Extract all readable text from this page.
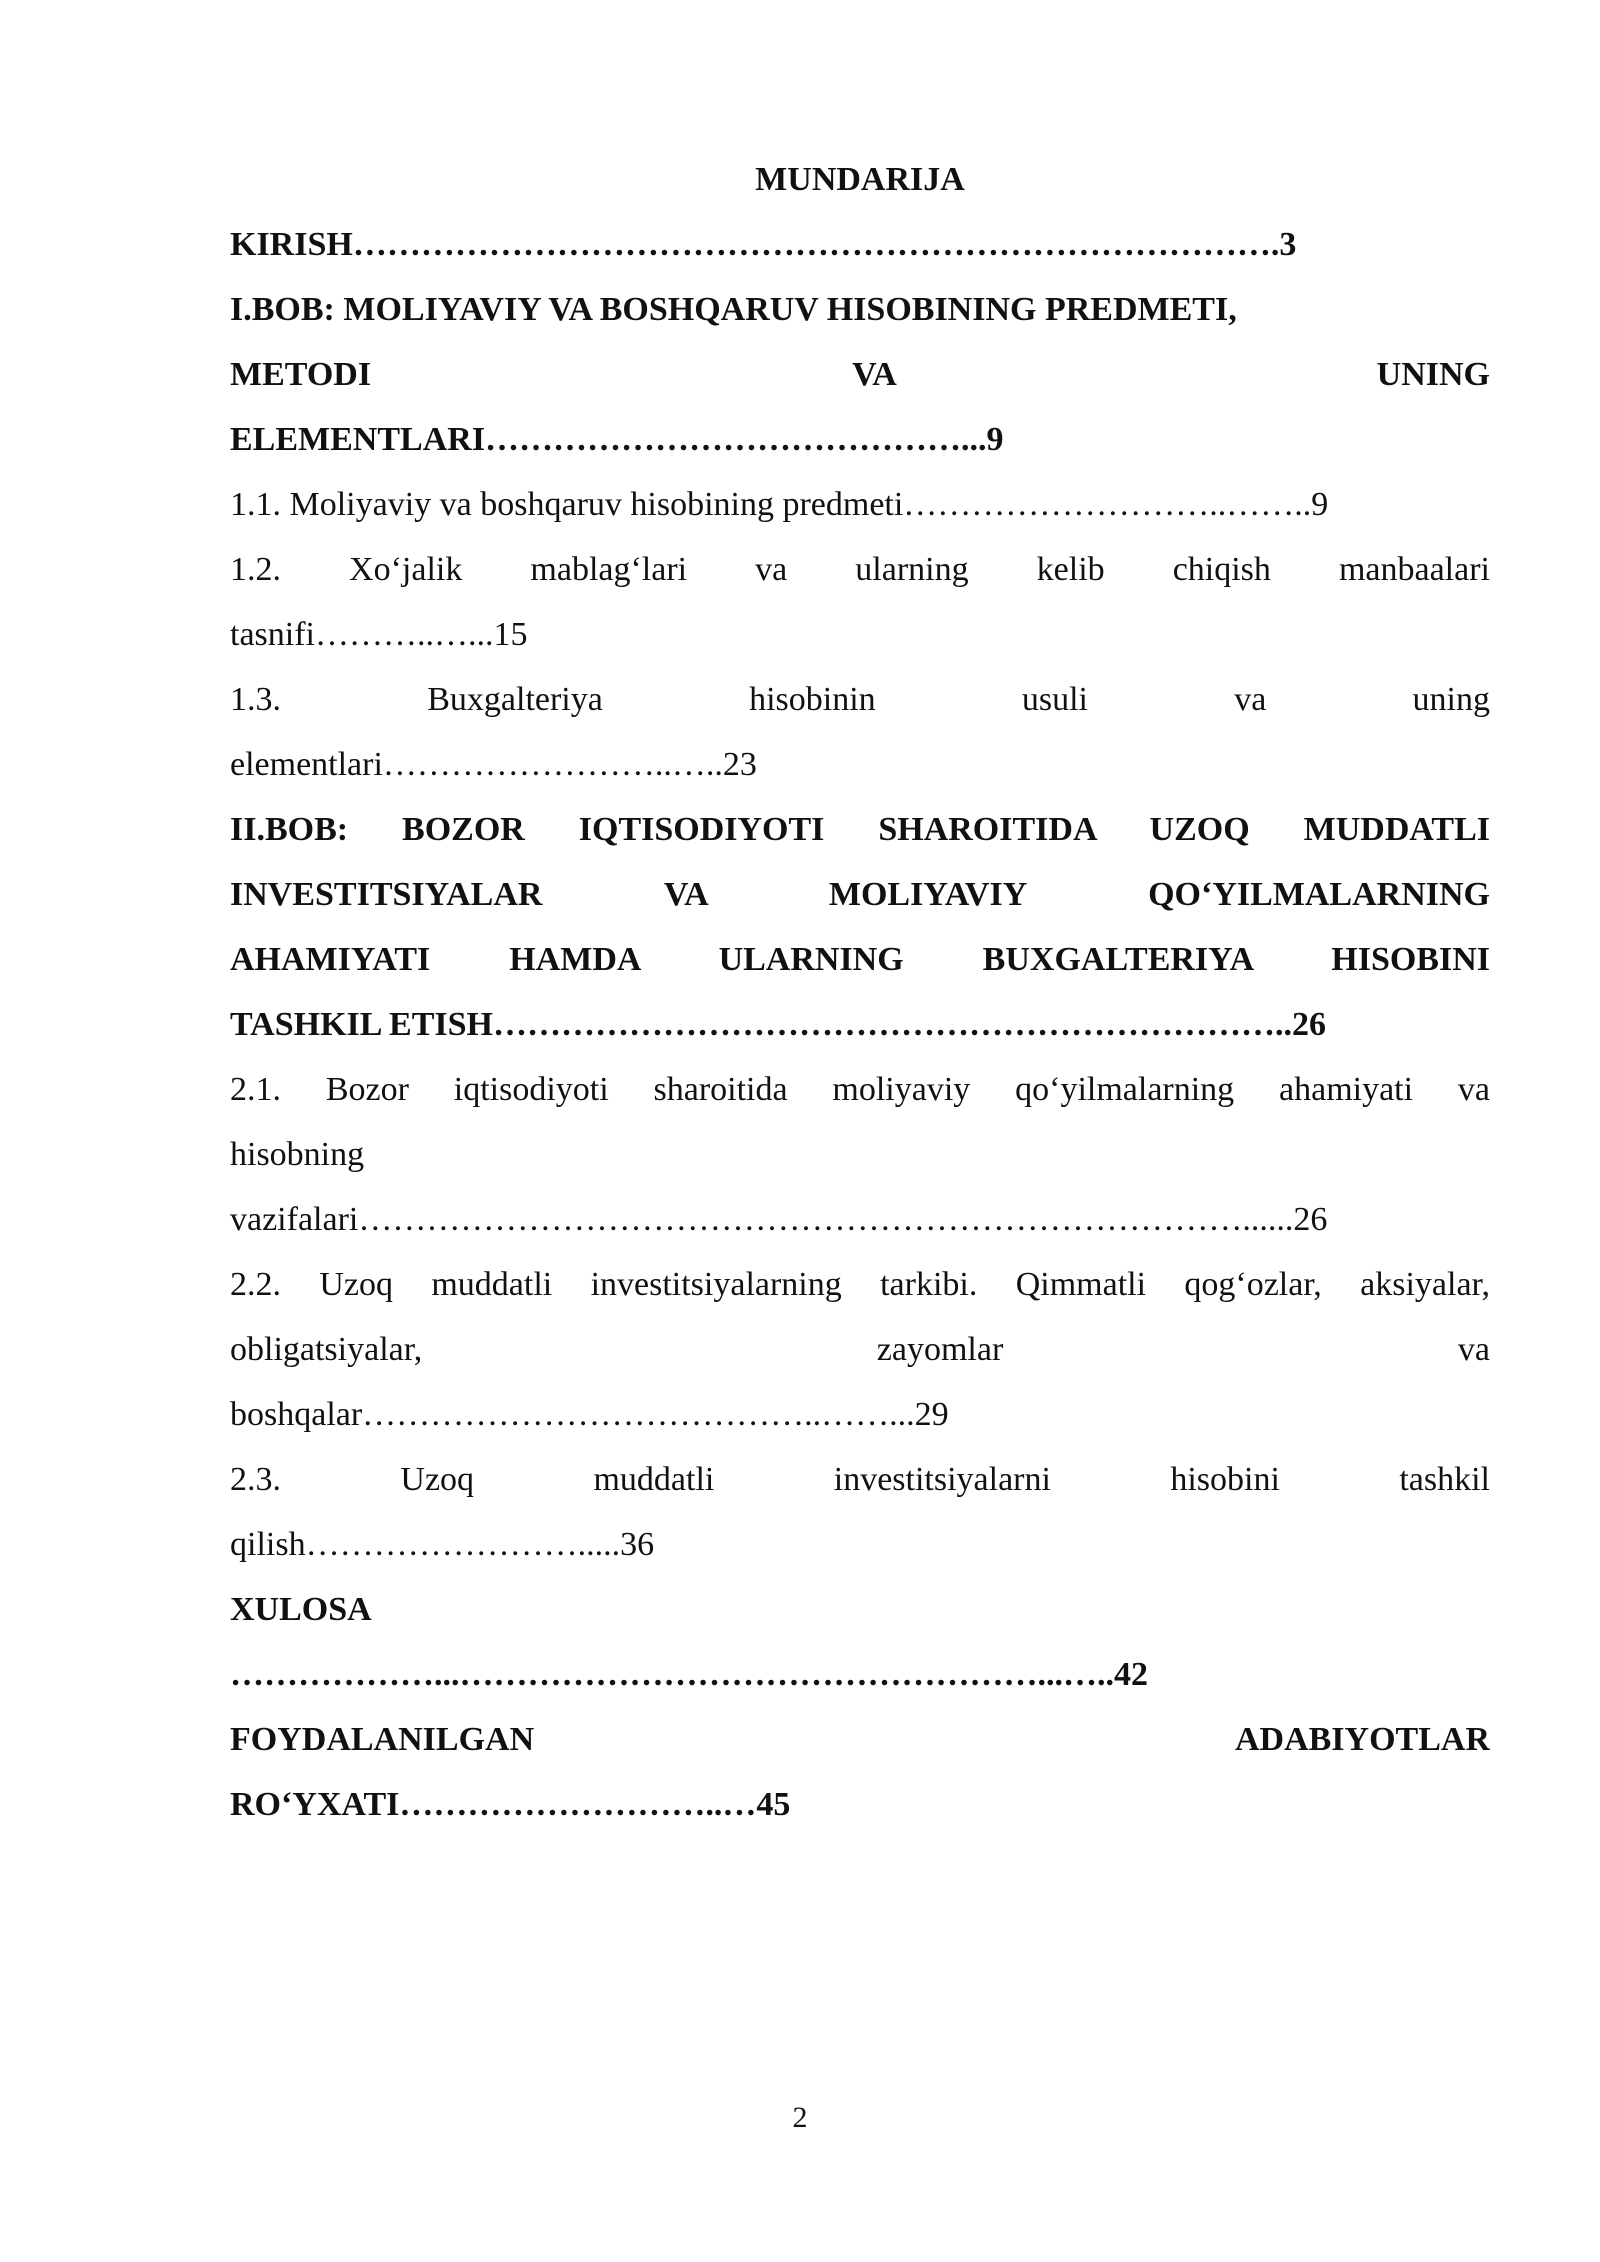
MUNDARIJA
KIRISH……………………………………………………………………….3
I.BOB: MOLIYAVIY VA BOSHQARUV HISOBINING PREDMETI,
METODI VA UNING
ELEMENTLARI……………………………………...9
1.1. Moliyaviy va boshqaruv hisobining predmeti………………………..……..9
1.2. Xo‘jalik mablag‘lari va ularning kelib chiqish manbaalari
tasnifi………..…...15
1.3. Buxgalteriya hisobinin usuli va uning
elementlari……………………..…..23
II.BOB: BOZOR IQTISODIYOTI SHAROITIDA UZOQ MUDDATLI
INVESTITSIYALAR VA MOLIYAVIY QO‘YILMALARNING
AHAMIYATI HAMDA ULARNING BUXGALTERIYA HISOBINI
TASHKIL ETISH……………………………………………………………..26
2.1. Bozor iqtisodiyoti sharoitida moliyaviy qo‘yilmalarning ahamiyati va
hisobning
vazifalari……………………………………………………………………......26
2.2. Uzoq muddatli investitsiyalarning tarkibi. Qimmatli qog‘ozlar, aksiyalar,
obligatsiyalar, zayomlar va
boshqalar…………………………………..……...29
2.3. Uzoq muddatli investitsiyalarni hisobini tashkil
qilish…………………….....36
XULOSA
………………...……………………………………………...…..42
FOYDALANILGAN ADABIYOTLAR
RO‘YXATI………………………..…45
2
